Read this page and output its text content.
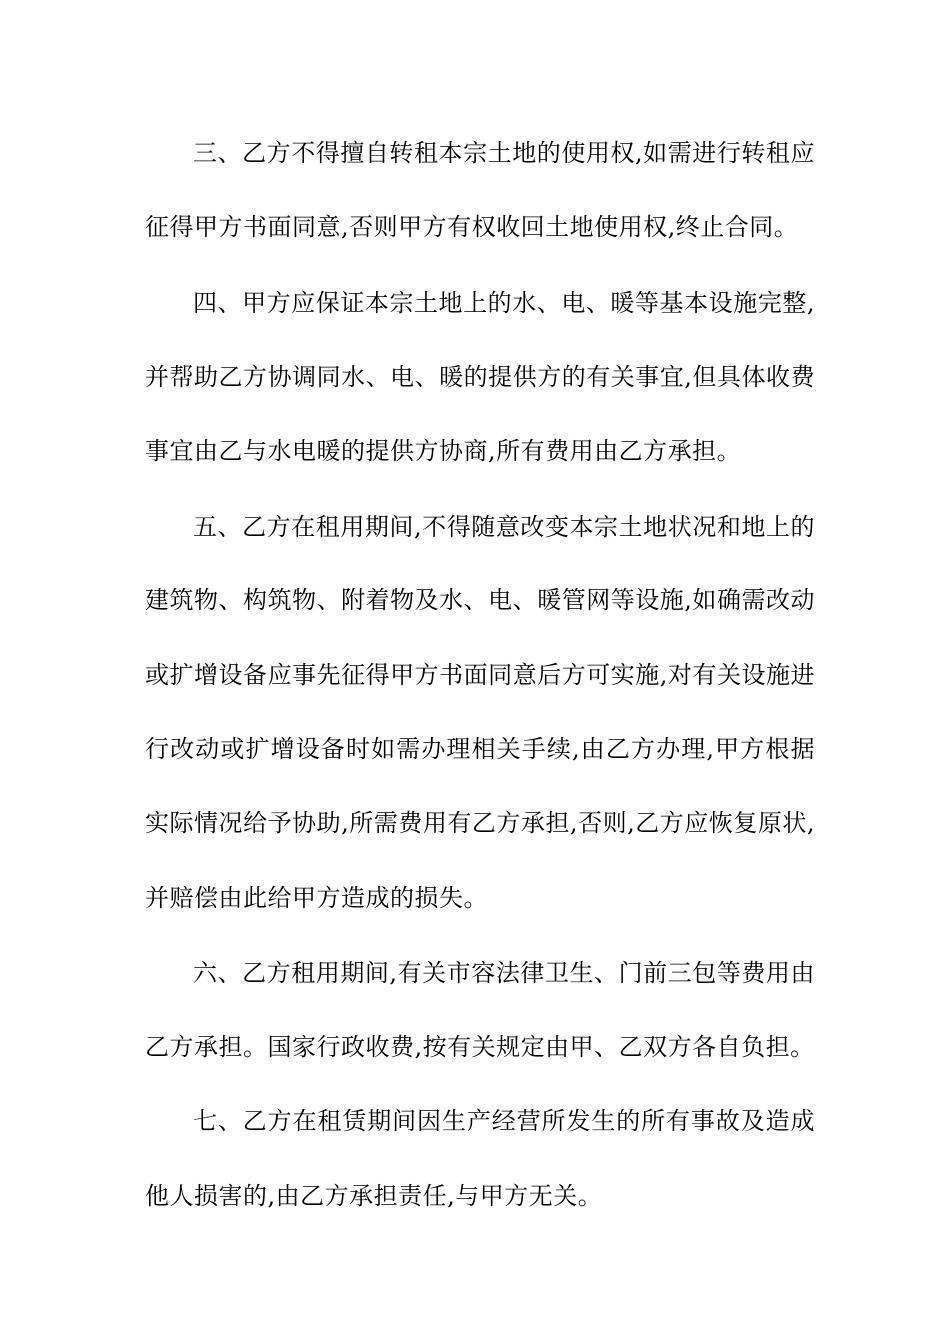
三、乙方不得擅自转租本宗土地的使用权,如需进行转租应
征得甲方书面同意,否则甲方有权收回土地使用权,终止合同。
四、甲方应保证本宗土地上的水、电、暖等基本设施完整,
并帮助乙方协调同水、电、暖的提供方的有关事宜,但具体收费
事宜由乙与水电暖的提供方协商,所有费用由乙方承担。
五、乙方在租用期间,不得随意改变本宗土地状况和地上的
建筑物、构筑物、附着物及水、电、暖管网等设施,如确需改动
或扩增设备应事先征得甲方书面同意后方可实施,对有关设施进
行改动或扩增设备时如需办理相关手续,由乙方办理,甲方根据
实际情况给予协助,所需费用有乙方承担,否则,乙方应恢复原状,
并赔偿由此给甲方造成的损失。
六、乙方租用期间,有关市容法律卫生、门前三包等费用由
乙方承担。国家行政收费,按有关规定由甲、乙双方各自负担。
七、乙方在租赁期间因生产经营所发生的所有事故及造成
他人损害的,由乙方承担责任,与甲方无关。
